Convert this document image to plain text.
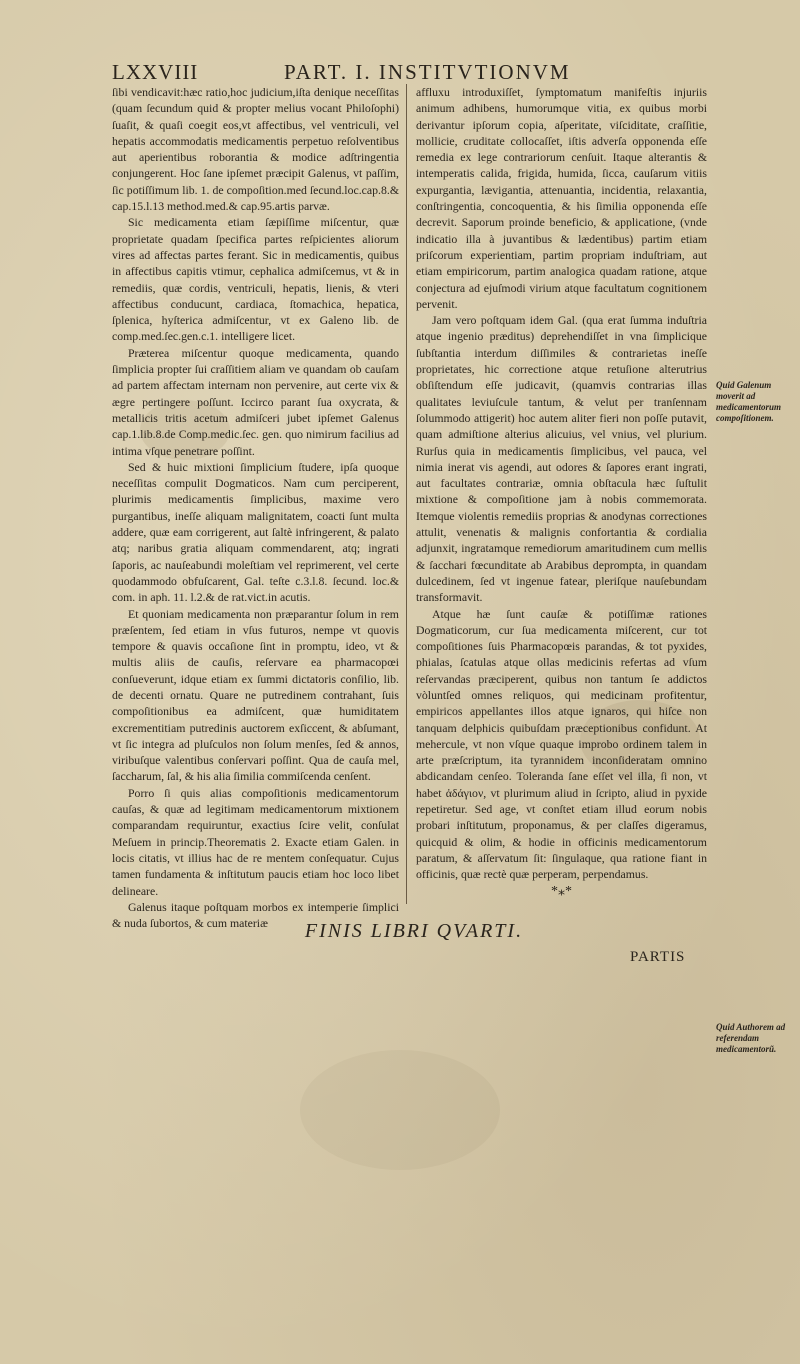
LXXVIII	PART. I. INSTITVTIONVM

ſibi vendicavit:hæc ratio,hoc judicium,iſta denique neceſſitas (quam ſecundum quid & propter melius vocant Philoſophi) ſuaſit, & quaſi coegit eos,vt affectibus, vel ventriculi, vel hepatis accommodatis medicamentis perpetuo reſolventibus aut aperientibus roborantia & modice adſtringentia conjungerent. Hoc ſane ipſemet præcipit Galenus, vt paſſim, ſic potiſſimum lib. 1. de compoſition.med ſecund.loc.cap.8.& cap.15.l.13 method.med.& cap.95.artis parvæ.

Sic medicamenta etiam ſæpiſſime miſcentur, quæ proprietate quadam ſpecifica partes reſpicientes aliorum vires ad affectas partes ferant. Sic in medicamentis, quibus in affectibus capitis vtimur, cephalica admiſcemus, vt & in remediis, quæ cordis, ventriculi, hepatis, lienis, & vteri affectibus conducunt, cardiaca, ſtomachica, hepatica, ſplenica, hyſterica admiſcentur, vt ex Galeno lib. de comp.med.ſec.gen.c.1. intelligere licet.

Præterea miſcentur quoque medicamenta, quando ſimplicia propter ſui craſſitiem aliam ve quandam ob cauſam ad partem affectam internam non pervenire, aut certe vix & ægre pertingere poſſunt. Iccirco parant ſua oxycrata, & metallicis tritis acetum admiſceri jubet ipſemet Galenus cap.1.lib.8.de Comp.medic.ſec. gen. quo nimirum facilius ad intima vſque penetrare poſſint.

Sed & huic mixtioni ſimplicium ſtudere, ipſa quoque neceſſitas compulit Dogmaticos. Nam cum perciperent, plurimis medicamentis ſimplicibus, maxime vero purgantibus, ineſſe aliquam malignitatem, coacti ſunt multa addere, quæ eam corrigerent, aut ſaltè infringerent, & palato atq; naribus gratia aliquam commendarent, atq; ingrati ſaporis, ac nauſeabundi moleſtiam vel reprimerent, vel certe quodammodo obfuſcarent, Gal. teſte c.3.l.8. ſecund. loc.& com. in aph. 11. l.2.& de rat.vict.in acutis.

Et quoniam medicamenta non præparantur ſolum in rem præſentem, ſed etiam in vſus futuros, nempe vt quovis tempore & quavis occaſione ſint in promptu, ideo, vt & multis aliis de cauſis, reſervare ea pharmacopœi conſueverunt, idque etiam ex ſummi dictatoris conſilio, lib. de decenti ornatu. Quare ne putredinem contrahant, ſuis compoſitionibus ea admiſcent, quæ humiditatem excrementitiam putredinis auctorem exſiccent, & abſumant, vt ſic integra ad pluſculos non ſolum menſes, ſed & annos, viribuſque valentibus conſervari poſſint. Qua de cauſa mel, ſaccharum, ſal, & his alia ſimilia commiſcenda cenſent.

Porro ſi quis alias compoſitionis medicamentorum cauſas, & quæ ad legitimam medicamentorum mixtionem comparandam requiruntur, exactius ſcire velit, conſulat Meſuem in princip.Theorematis 2. Exacte etiam Galen. in locis citatis, vt illius hac de re mentem conſequatur. Cujus tamen fundamenta & inſtitutum paucis etiam hoc loco libet delineare.

Galenus itaque poſtquam morbos ex intemperie ſimplici & nuda ſubortos, & cum materiæ

affluxu introduxiſſet, ſymptomatum manifeſtis injuriis animum adhibens, humorumque vitia, ex quibus morbi derivantur ipſorum copia, aſperitate, viſciditate, craſſitie, mollicie, cruditate collocaſſet, iſtis adverſa opponenda eſſe remedia ex lege contrariorum cenſuit. Itaque alterantis & intemperatis calida, frigida, humida, ſicca, cauſarum vitiis expurgantia, lævigantia, attenuantia, incidentia, relaxantia, conſtringentia, concoquentia, & his ſimilia opponenda eſſe decrevit. Saporum proinde beneficio, & applicatione, (vnde indicatio illa à juvantibus & lædentibus) partim etiam priſcorum experientiam, partim propriam induſtriam, aut etiam empiricorum, partim analogica quadam ratione, atque conjectura ad ejuſmodi virium atque facultatum cognitionem pervenit.

Jam vero poſtquam idem Gal. (qua erat ſumma induſtria atque ingenio præditus) deprehendiſſet in vna ſimplicique ſubſtantia interdum diſſimiles & contrarietas ineſſe proprietates, hic correctione atque retuſione alterutrius obſiſtendum eſſe judicavit, (quamvis contrarias illas qualitates leviuſcule tantum, & velut per tranſennam ſolummodo attigerit) hoc autem aliter fieri non poſſe putavit, quam admiſtione alterius alicuius, vel vnius, vel plurium. Rurſus quia in medicamentis ſimplicibus, vel pauca, vel nimia inerat vis agendi, aut odores & ſapores erant ingrati, aut facultates contrariæ, omnia obſtacula hæc ſuſtulit mixtione & compoſitione jam à nobis commemorata. Itemque violentis remediis proprias & anodynas correctiones attulit, venenatis & malignis confortantia & cordialia adjunxit, ingratamque remediorum amaritudinem cum mellis & ſacchari fœcunditate ab Arabibus deprompta, in quandam dulcedinem, ſed vt ingenue fatear, pleriſque nauſebundam transformavit.

Atque hæ ſunt cauſæ & potiſſimæ rationes Dogmaticorum, cur ſua medicamenta miſcerent, cur tot compoſitiones ſuis Pharmacopœis parandas, & tot pyxides, phialas, ſcatulas atque ollas medicinis refertas ad vſum reſervandas præciperent, quibus non tantum ſe addictos vòluntſed omnes reliquos, qui medicinam profitentur, empiricos appellantes illos atque ignaros, qui hiſce non tanquam delphicis quibuſdam præceptionibus confidunt. At mehercule, vt non vſque quaque improbo ordinem talem in arte præſcriptum, ita tyrannidem inconſideratam omnino abdicandam cenſeo. Toleranda ſane eſſet vel illa, ſi non, vt habet ἀδάγιον, vt plurimum aliud in ſcripto, aliud in pyxide repetiretur. Sed age, vt conſtet etiam illud eorum nobis probari inſtitutum, proponamus, & per claſſes digeramus, quicquid & olim, & hodie in officinis medicamentorum paratum, & aſſervatum ſit: ſingulaque, qua ratione fiant in officinis, quæ rectè quæ perperam, perpendamus.

*⁎*
Quid Galenum moverit ad medicamentorum compoſitionem.
Quid Authorem ad referendam medicamentorũ.
FINIS LIBRI QVARTI.
PARTIS
